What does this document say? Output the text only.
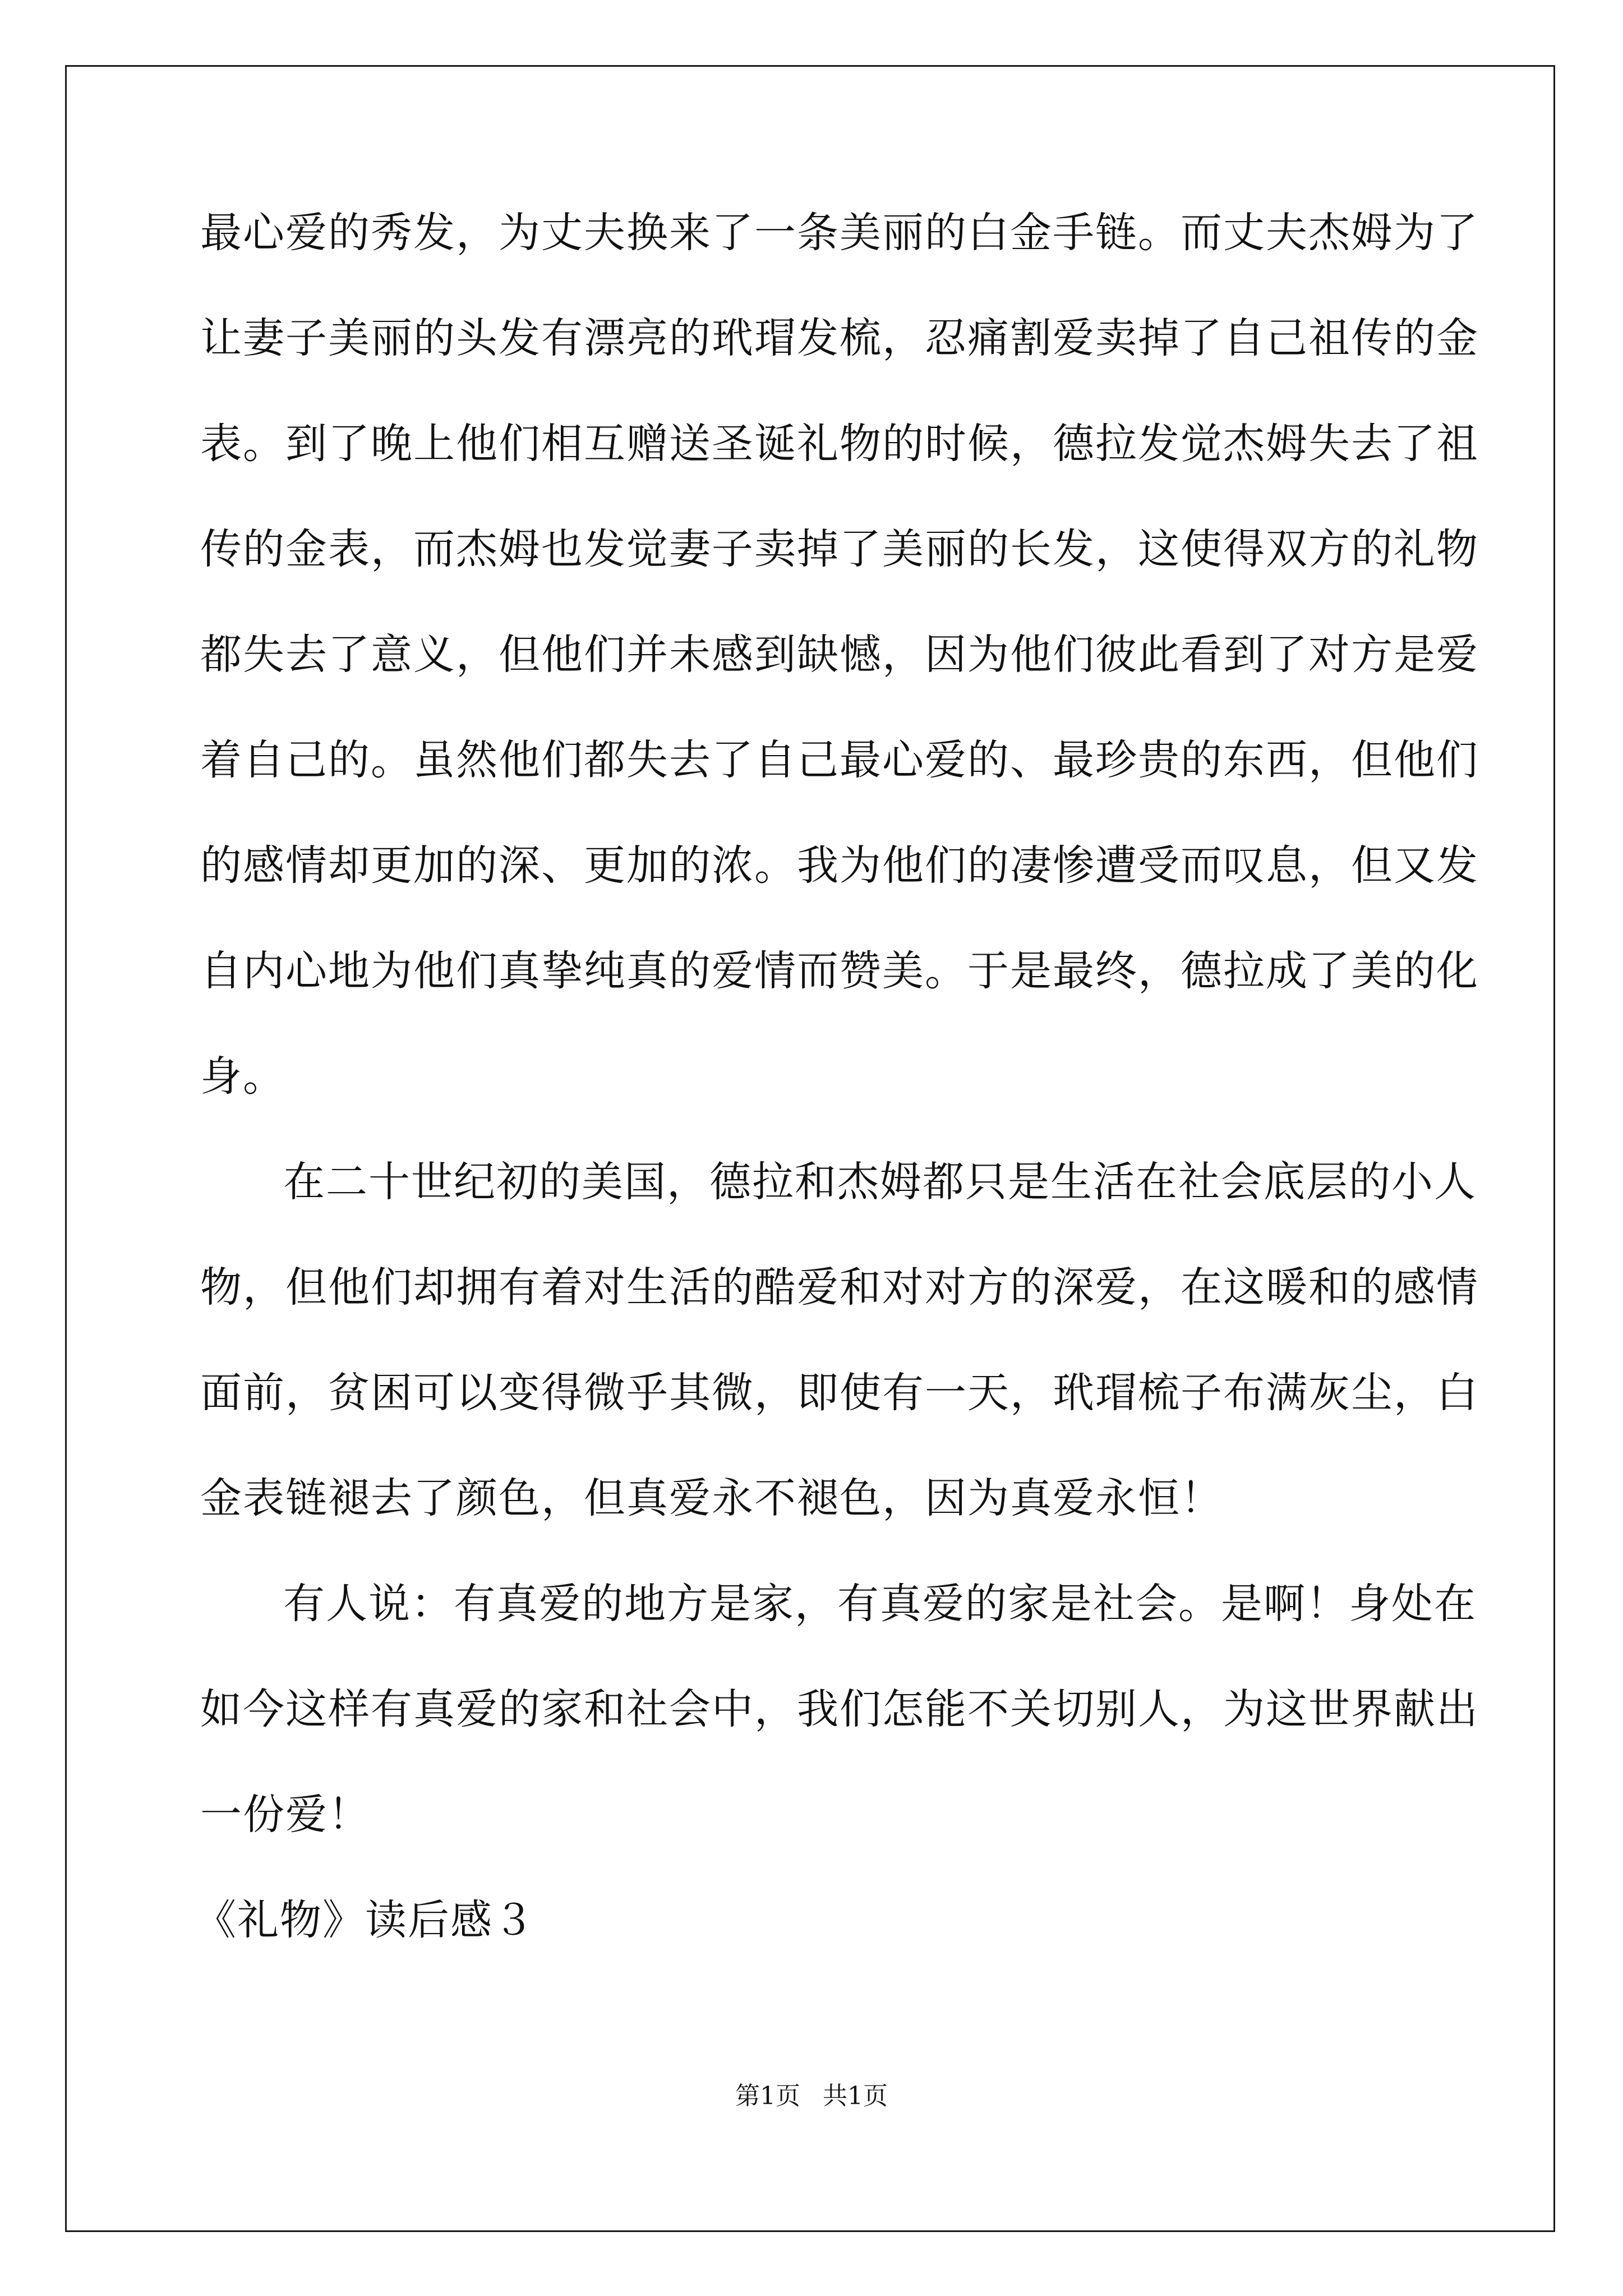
最心爱的秀发，为丈夫换来了一条美丽的白金手链。而丈夫杰姆为了
让妻子美丽的头发有漂亮的玳瑁发梳，忍痛割爱卖掉了自己祖传的金
表。到了晚上他们相互赠送圣诞礼物的时候，德拉发觉杰姆失去了祖
传的金表，而杰姆也发觉妻子卖掉了美丽的长发，这使得双方的礼物
都失去了意义，但他们并未感到缺憾，因为他们彼此看到了对方是爱
着自己的。虽然他们都失去了自己最心爱的、最珍贵的东西，但他们
的感情却更加的深、更加的浓。我为他们的凄惨遭受而叹息，但又发
自内心地为他们真挚纯真的爱情而赞美。于是最终，德拉成了美的化
身。
在二十世纪初的美国，德拉和杰姆都只是生活在社会底层的小人
物，但他们却拥有着对生活的酷爱和对对方的深爱，在这暖和的感情
面前，贫困可以变得微乎其微，即使有一天，玳瑁梳子布满灰尘，白
金表链褪去了颜色，但真爱永不褪色，因为真爱永恒！
有人说：有真爱的地方是家，有真爱的家是社会。是啊！身处在
如今这样有真爱的家和社会中，我们怎能不关切别人，为这世界献出
一份爱！
《礼物》读后感３
第1页 共1页
